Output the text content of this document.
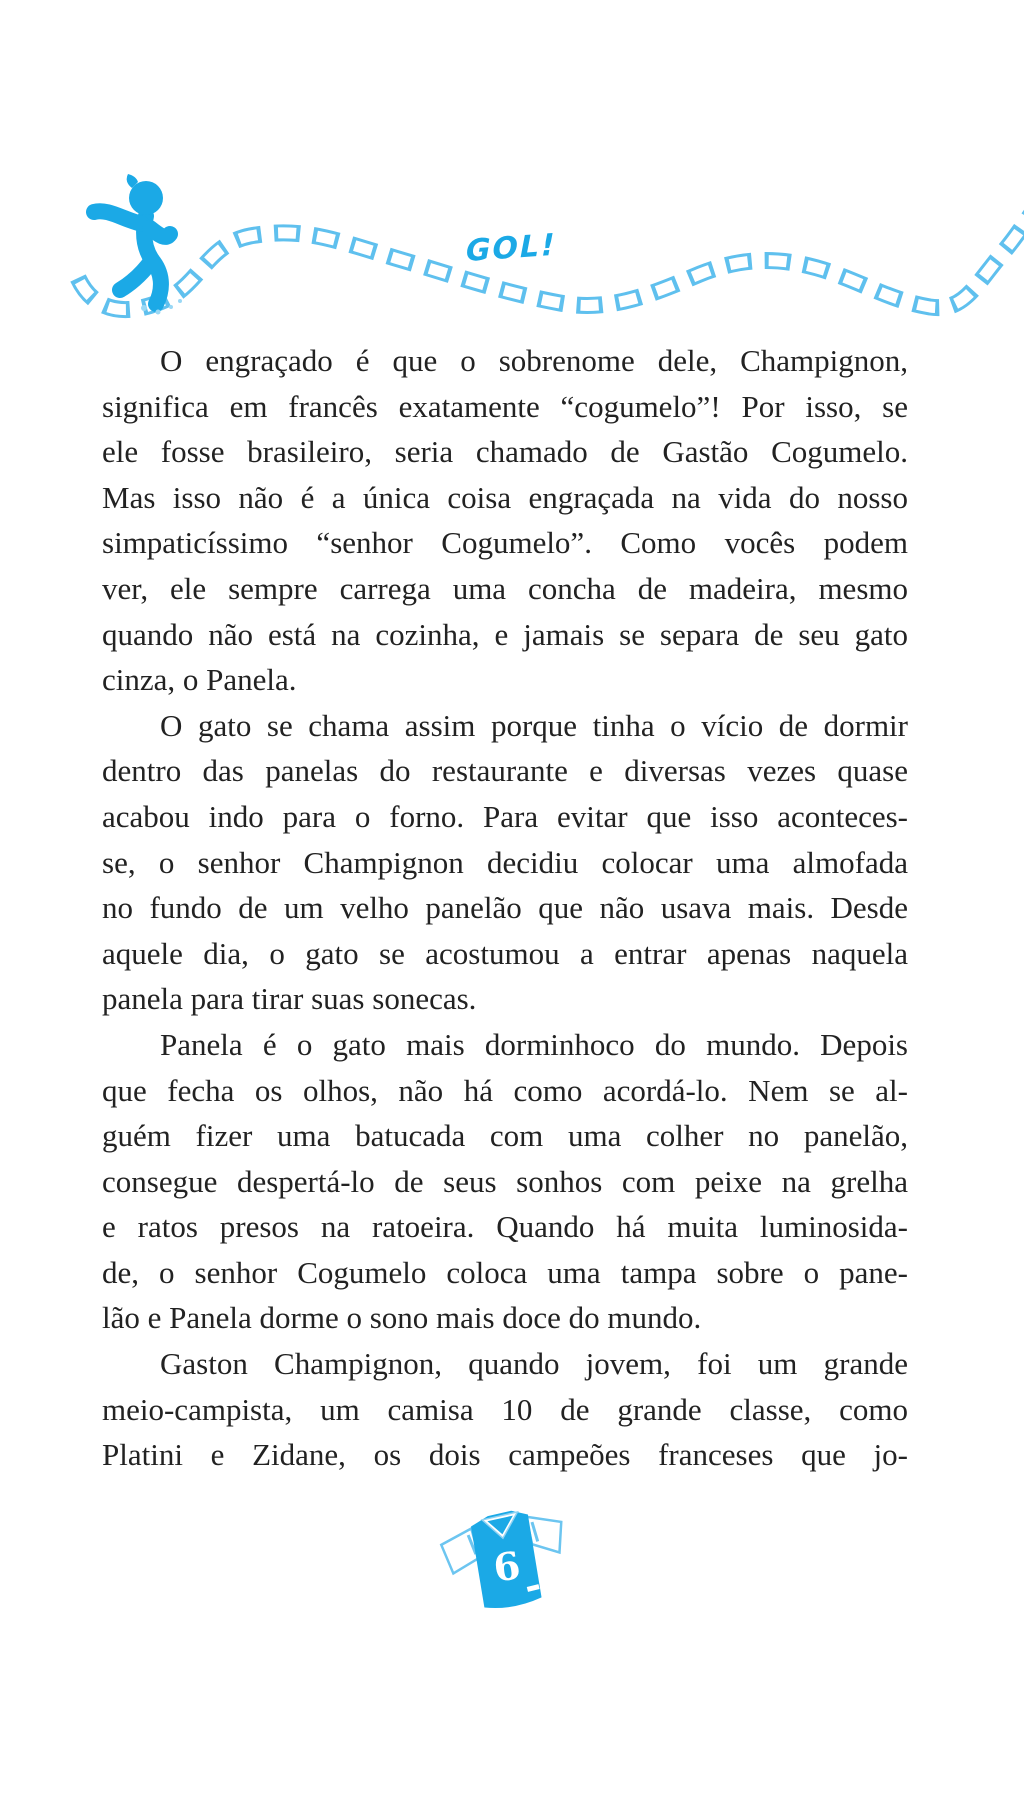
GOL!
O engraçado é que o sobrenome dele, Champignon,
significa em francês exatamente “cogumelo”! Por isso, se
ele fosse brasileiro, seria chamado de Gastão Cogumelo.
Mas isso não é a única coisa engraçada na vida do nosso
simpaticíssimo “senhor Cogumelo”. Como vocês podem
ver, ele sempre carrega uma concha de madeira, mesmo
quando não está na cozinha, e jamais se separa de seu gato
cinza, o Panela.
O gato se chama assim porque tinha o vício de dormir
dentro das panelas do restaurante e diversas vezes quase
acabou indo para o forno. Para evitar que isso aconteces-
se, o senhor Champignon decidiu colocar uma almofada
no fundo de um velho panelão que não usava mais. Desde
aquele dia, o gato se acostumou a entrar apenas naquela
panela para tirar suas sonecas.
Panela é o gato mais dorminhoco do mundo. Depois
que fecha os olhos, não há como acordá-lo. Nem se al-
guém fizer uma batucada com uma colher no panelão,
consegue despertá-lo de seus sonhos com peixe na grelha
e ratos presos na ratoeira. Quando há muita luminosida-
de, o senhor Cogumelo coloca uma tampa sobre o pane-
lão e Panela dorme o sono mais doce do mundo.
Gaston Champignon, quando jovem, foi um grande
meio-campista, um camisa 10 de grande classe, como
Platini e Zidane, os dois campeões franceses que jo-
6
